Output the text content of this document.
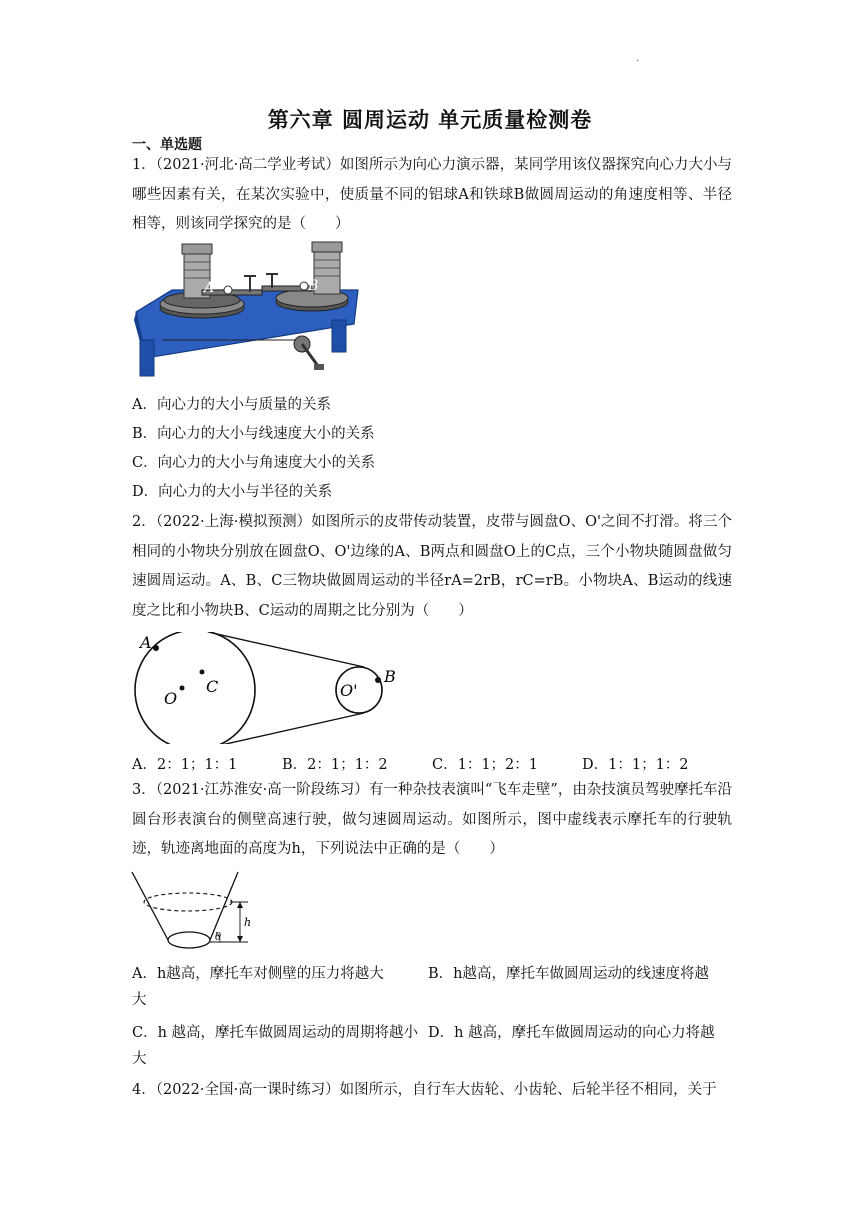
·
第六章 圆周运动 单元质量检测卷
一、单选题
1．（2021·河北·高二学业考试）如图所示为向心力演示器，某同学用该仪器探究向心力大小与哪些因素有关，在某次实验中，使质量不同的铝球A和铁球B做圆周运动的角速度相等、半径相等，则该同学探究的是（　　）
A	B
A．向心力的大小与质量的关系
B．向心力的大小与线速度大小的关系
C．向心力的大小与角速度大小的关系
D．向心力的大小与半径的关系
2．（2022·上海·模拟预测）如图所示的皮带传动装置，皮带与圆盘O、O'之间不打滑。将三个相同的小物块分别放在圆盘O、O'边缘的A、B两点和圆盘O上的C点，三个小物块随圆盘做匀速圆周运动。A、B、C三物块做圆周运动的半径rA=2rB，rC=rB。小物块A、B运动的线速度之比和小物块B、C运动的周期之比分别为（　　）
A
C
O	O'
B
A．2：1；1：1	B．2：1；1：2	C．1：1；2：1	D．1：1；1：2
3．（2021·江苏淮安·高一阶段练习）有一种杂技表演叫“飞车走壁”，由杂技演员驾驶摩托车沿圆台形表演台的侧壁高速行驶，做匀速圆周运动。如图所示，图中虚线表示摩托车的行驶轨迹，轨迹离地面的高度为h，下列说法中正确的是（　　）
h
θ
A．h越高，摩托车对侧壁的压力将越大	B．h越高，摩托车做圆周运动的线速度将越
大
C．h 越高，摩托车做圆周运动的周期将越小 D．h 越高，摩托车做圆周运动的向心力将越
大
4．（2022·全国·高一课时练习）如图所示，自行车大齿轮、小齿轮、后轮半径不相同，关于
